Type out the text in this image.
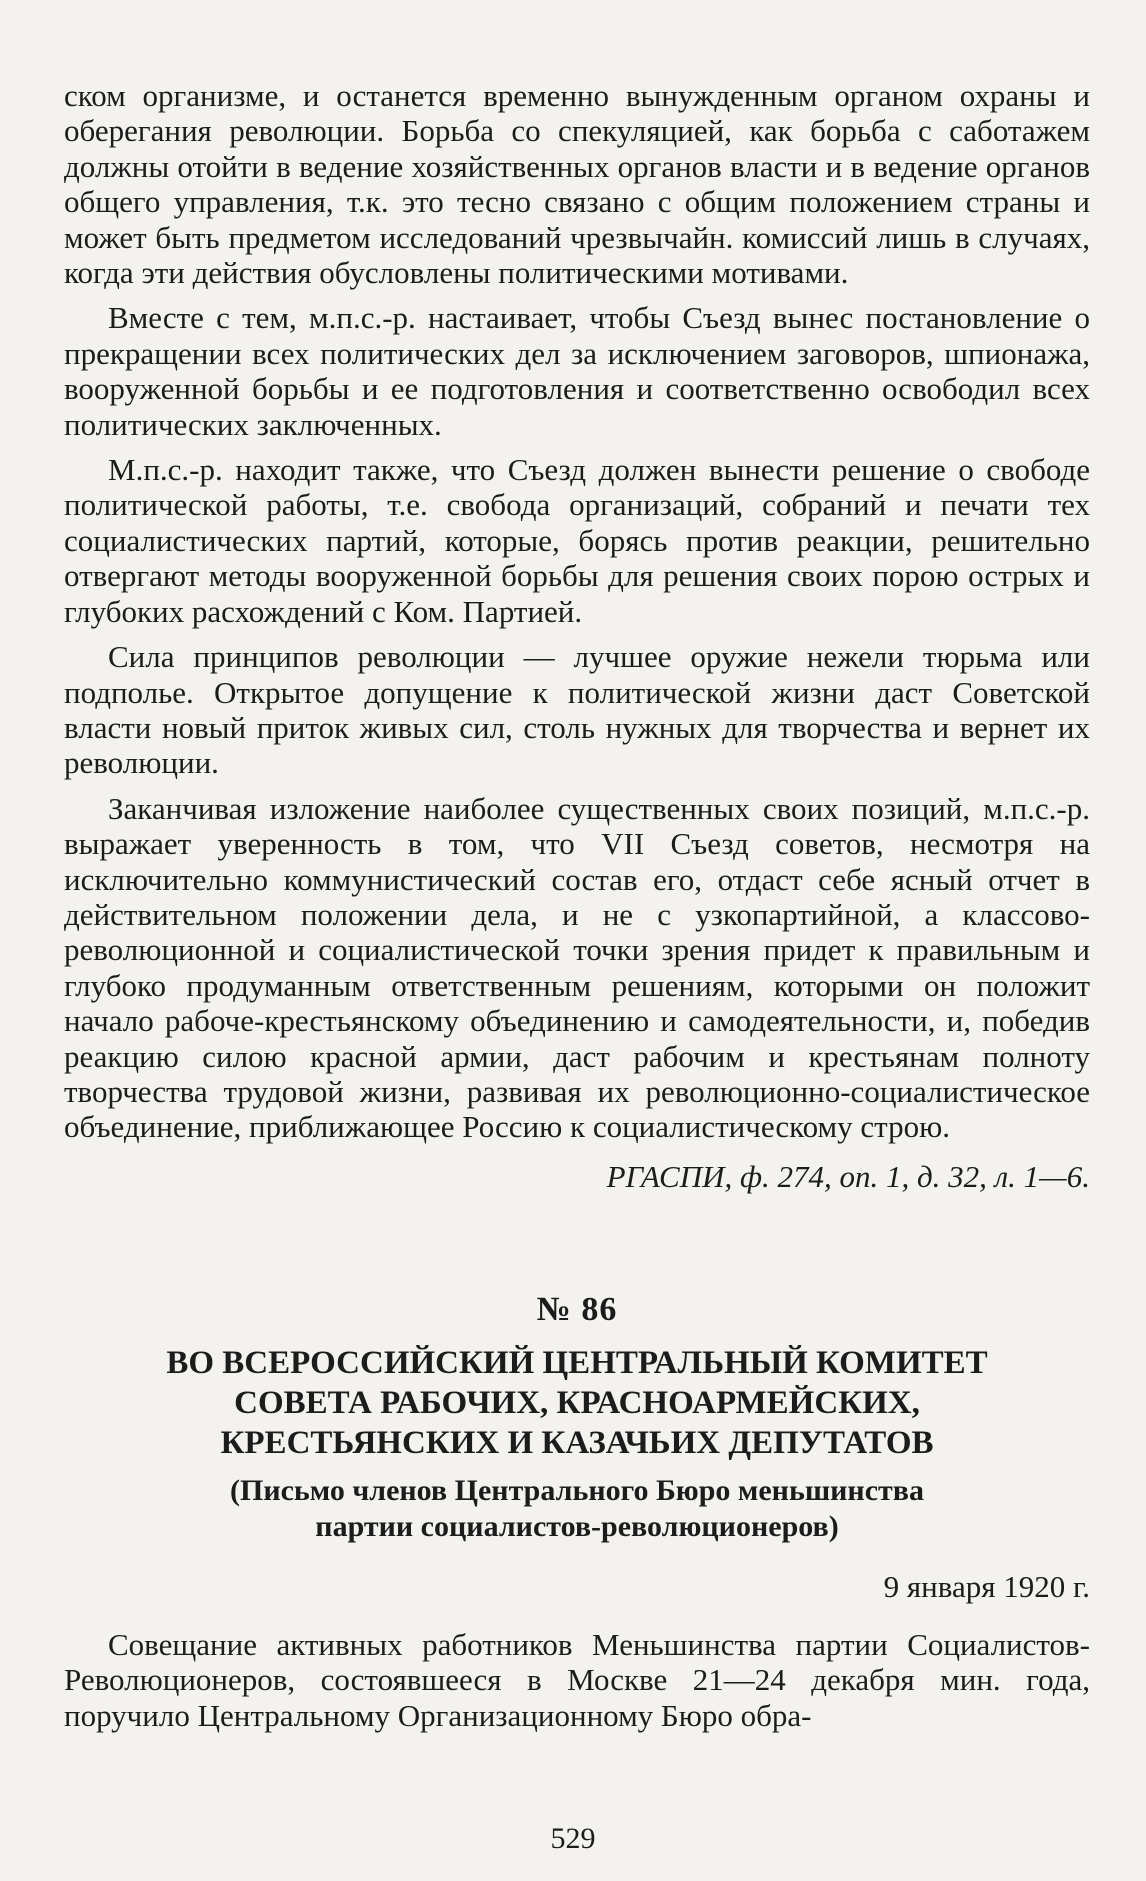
ском организме, и останется временно вынужденным органом охраны и оберегания революции. Борьба со спекуляцией, как борьба с саботажем должны отойти в ведение хозяйственных органов власти и в ведение органов общего управления, т.к. это тесно связано с общим положением страны и может быть предметом исследований чрезвычайн. комиссий лишь в случаях, когда эти действия обусловлены политическими мотивами.

Вместе с тем, м.п.с.-р. настаивает, чтобы Съезд вынес постановление о прекращении всех политических дел за исключением заговоров, шпионажа, вооруженной борьбы и ее подготовления и соответственно освободил всех политических заключенных.

М.п.с.-р. находит также, что Съезд должен вынести решение о свободе политической работы, т.е. свобода организаций, собраний и печати тех социалистических партий, которые, борясь против реакции, решительно отвергают методы вооруженной борьбы для решения своих порою острых и глубоких расхождений с Ком. Партией.

Сила принципов революции — лучшее оружие нежели тюрьма или подполье. Открытое допущение к политической жизни даст Советской власти новый приток живых сил, столь нужных для творчества и вернет их революции.

Заканчивая изложение наиболее существенных своих позиций, м.п.с.-р. выражает уверенность в том, что VII Съезд советов, несмотря на исключительно коммунистический состав его, отдаст себе ясный отчет в действительном положении дела, и не с узкопартийной, а классово-революционной и социалистической точки зрения придет к правильным и глубоко продуманным ответственным решениям, которыми он положит начало рабоче-крестьянскому объединению и самодеятельности, и, победив реакцию силою красной армии, даст рабочим и крестьянам полноту творчества трудовой жизни, развивая их революционно-социалистическое объединение, приближающее Россию к социалистическому строю.

РГАСПИ, ф. 274, оп. 1, д. 32, л. 1—6.
№ 86
ВО ВСЕРОССИЙСКИЙ ЦЕНТРАЛЬНЫЙ КОМИТЕТ
СОВЕТА РАБОЧИХ, КРАСНОАРМЕЙСКИХ,
КРЕСТЬЯНСКИХ И КАЗАЧЬИХ ДЕПУТАТОВ
(Письмо членов Центрального Бюро меньшинства
партии социалистов-революционеров)
9 января 1920 г.

Совещание активных работников Меньшинства партии Социалистов-Революционеров, состоявшееся в Москве 21—24 декабря мин. года, поручило Центральному Организационному Бюро обра-

529
